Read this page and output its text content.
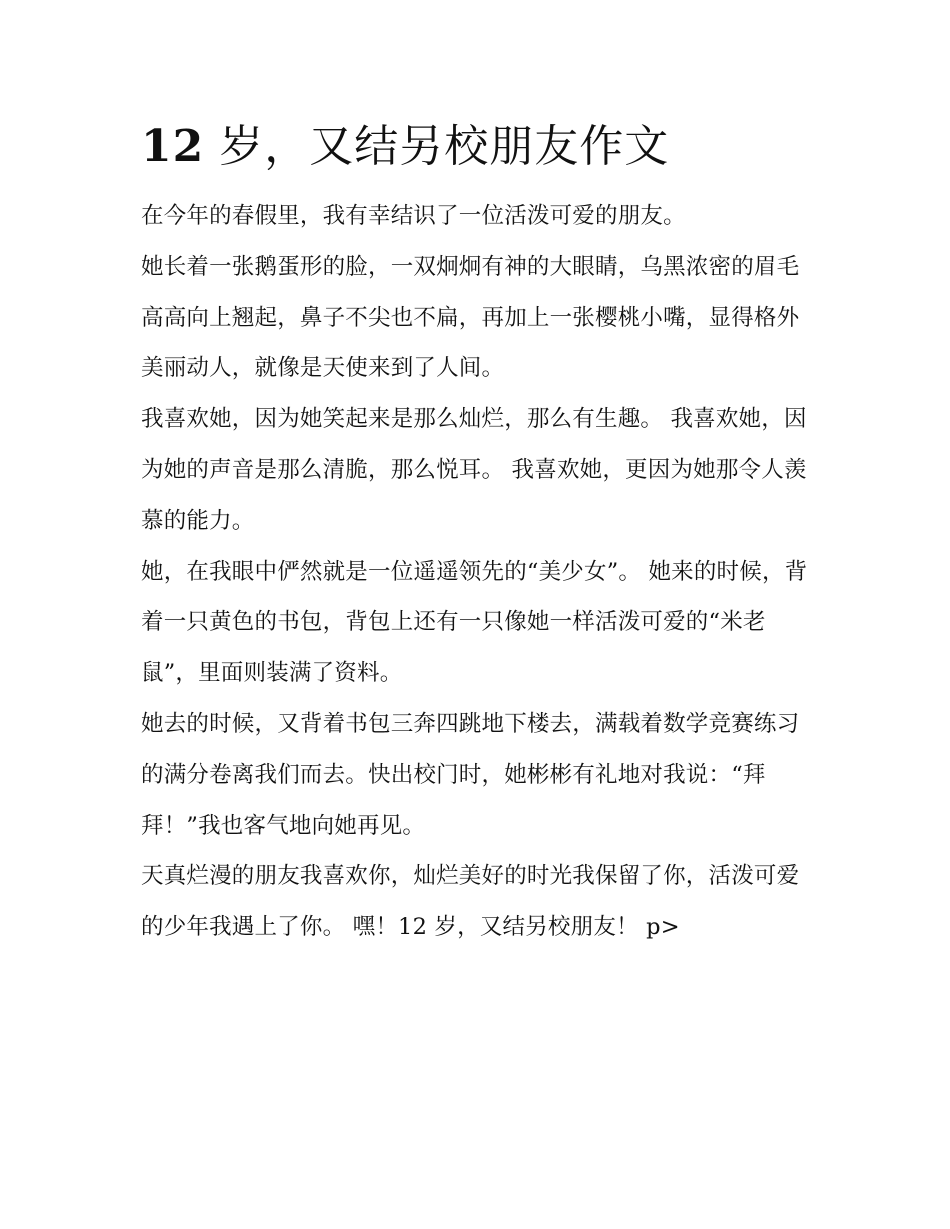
12 岁，又结另校朋友作文

在今年的春假里，我有幸结识了一位活泼可爱的朋友。

她长着一张鹅蛋形的脸，一双炯炯有神的大眼睛，乌黑浓密的眉毛高高向上翘起，鼻子不尖也不扁，再加上一张樱桃小嘴，显得格外美丽动人，就像是天使来到了人间。

我喜欢她，因为她笑起来是那么灿烂，那么有生趣。 我喜欢她，因为她的声音是那么清脆，那么悦耳。 我喜欢她，更因为她那令人羡慕的能力。

她，在我眼中俨然就是一位遥遥领先的“美少女”。 她来的时候，背着一只黄色的书包，背包上还有一只像她一样活泼可爱的“米老鼠”，里面则装满了资料。

她去的时候，又背着书包三奔四跳地下楼去，满载着数学竞赛练习的满分卷离我们而去。快出校门时，她彬彬有礼地对我说：“拜拜！”我也客气地向她再见。

天真烂漫的朋友我喜欢你，灿烂美好的时光我保留了你，活泼可爱的少年我遇上了你。 嘿！12 岁，又结另校朋友！ p>
